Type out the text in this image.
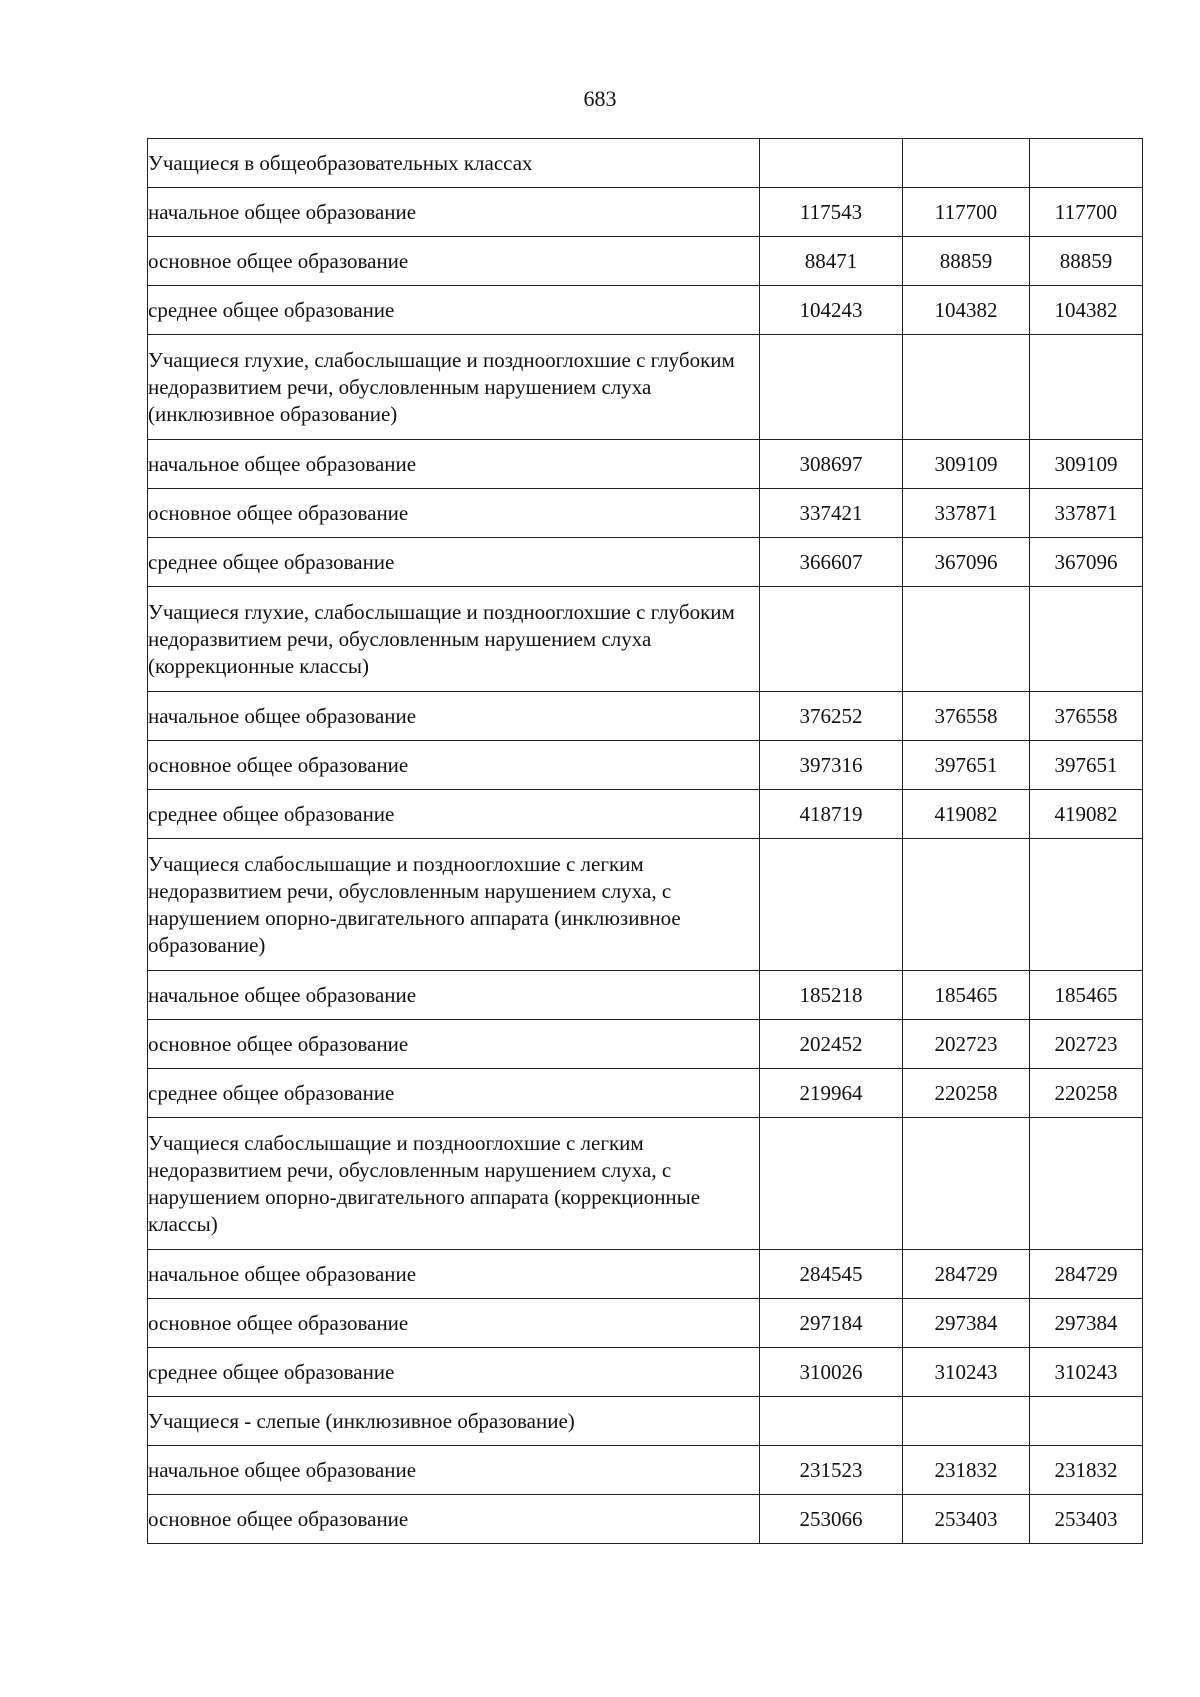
683
Учащиеся в общеобразовательных классах			
начальное общее образование	117543	117700	117700
основное общее образование	88471	88859	88859
среднее общее образование	104243	104382	104382
Учащиеся глухие, слабослышащие и позднооглохшие с глубоким недоразвитием речи, обусловленным нарушением слуха (инклюзивное образование)			
начальное общее образование	308697	309109	309109
основное общее образование	337421	337871	337871
среднее общее образование	366607	367096	367096
Учащиеся глухие, слабослышащие и позднооглохшие с глубоким недоразвитием речи, обусловленным нарушением слуха (коррекционные классы)			
начальное общее образование	376252	376558	376558
основное общее образование	397316	397651	397651
среднее общее образование	418719	419082	419082
Учащиеся слабослышащие и позднооглохшие с легким недоразвитием речи, обусловленным нарушением слуха, с нарушением опорно-двигательного аппарата (инклюзивное образование)			
начальное общее образование	185218	185465	185465
основное общее образование	202452	202723	202723
среднее общее образование	219964	220258	220258
Учащиеся слабослышащие и позднооглохшие с легким недоразвитием речи, обусловленным нарушением слуха, с нарушением опорно-двигательного аппарата (коррекционные классы)			
начальное общее образование	284545	284729	284729
основное общее образование	297184	297384	297384
среднее общее образование	310026	310243	310243
Учащиеся - слепые (инклюзивное образование)			
начальное общее образование	231523	231832	231832
основное общее образование	253066	253403	253403
